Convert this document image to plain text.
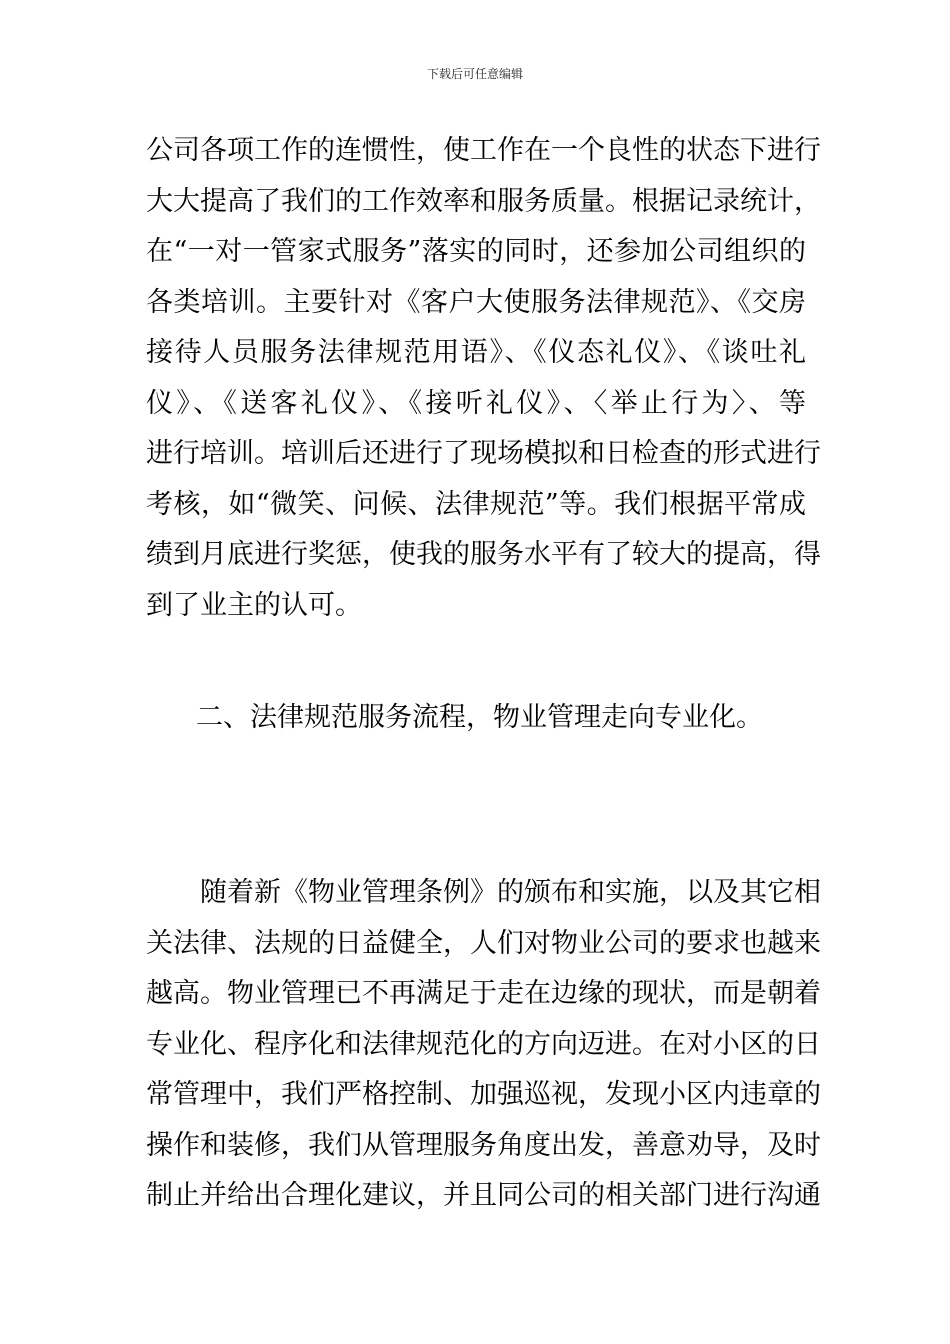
下载后可任意编辑
公司各项工作的连惯性，使工作在一个良性的状态下进行
大大提高了我们的工作效率和服务质量。根据记录统计，
在“一对一管家式服务”落实的同时，还参加公司组织的
各类培训。主要针对《客户大使服务法律规范》、《交房
接待人员服务法律规范用语》、《仪态礼仪》、《谈吐礼
仪》、《送客礼仪》、《接听礼仪》、〈举止行为〉、等
进行培训。培训后还进行了现场模拟和日检查的形式进行
考核，如“微笑、问候、法律规范”等。我们根据平常成
绩到月底进行奖惩，使我的服务水平有了较大的提高，得
到了业主的认可。
二、法律规范服务流程，物业管理走向专业化。
随着新《物业管理条例》的颁布和实施，以及其它相
关法律、法规的日益健全，人们对物业公司的要求也越来
越高。物业管理已不再满足于走在边缘的现状，而是朝着
专业化、程序化和法律规范化的方向迈进。在对小区的日
常管理中，我们严格控制、加强巡视，发现小区内违章的
操作和装修，我们从管理服务角度出发，善意劝导，及时
制止并给出合理化建议，并且同公司的相关部门进行沟通
